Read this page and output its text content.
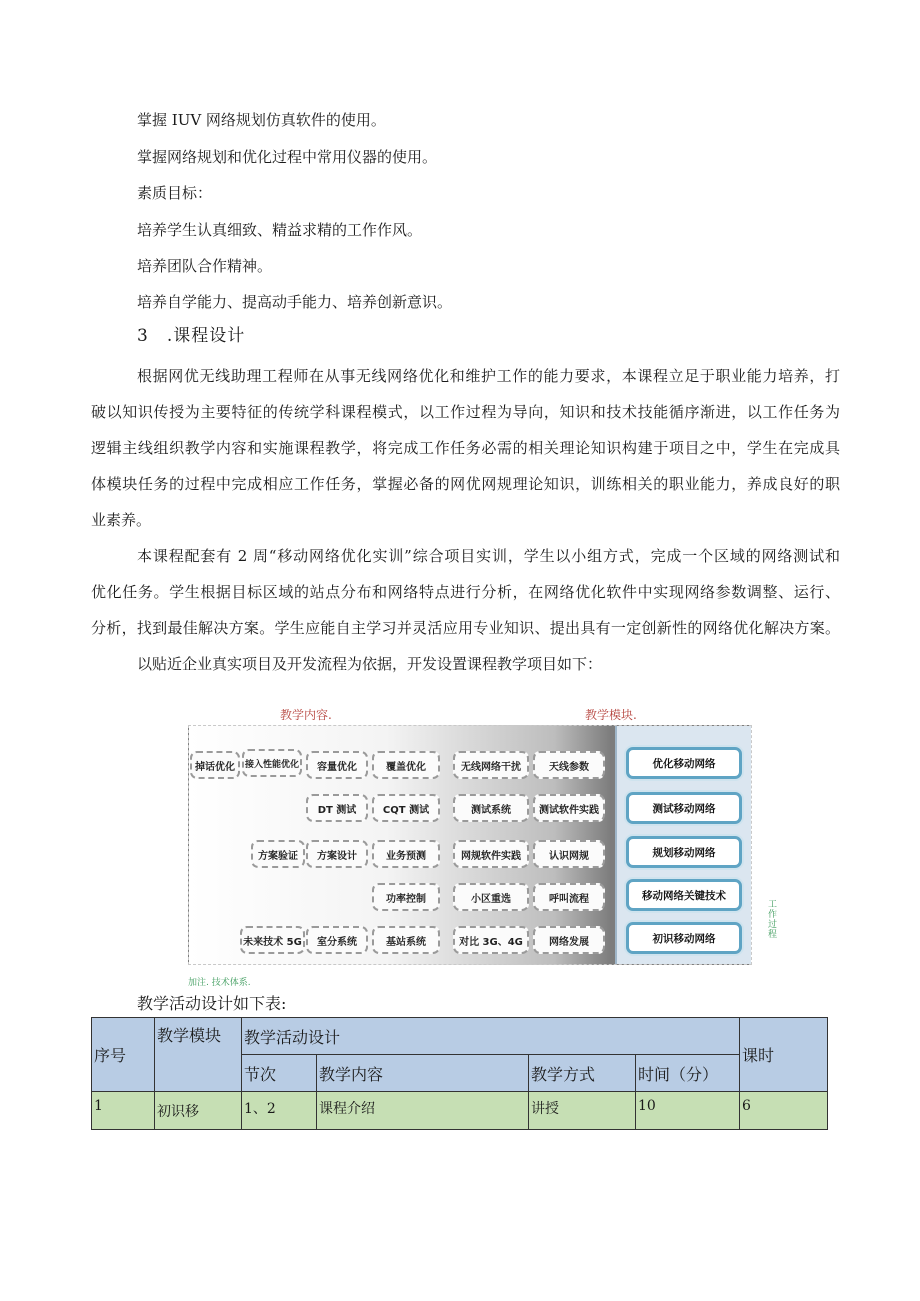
掌握 IUV 网络规划仿真软件的使用。
掌握网络规划和优化过程中常用仪器的使用。
素质目标：
培养学生认真细致、精益求精的工作作风。
培养团队合作精神。
培养自学能力、提高动手能力、培养创新意识。
3　.课程设计
根据网优无线助理工程师在从事无线网络优化和维护工作的能力要求，本课程立足于职业能力培养，打
破以知识传授为主要特征的传统学科课程模式，以工作过程为导向，知识和技术技能循序渐进，以工作任务为
逻辑主线组织教学内容和实施课程教学，将完成工作任务必需的相关理论知识构建于项目之中，学生在完成具
体模块任务的过程中完成相应工作任务，掌握必备的网优网规理论知识，训练相关的职业能力，养成良好的职
业素养。
本课程配套有 2 周“移动网络优化实训”综合项目实训，学生以小组方式，完成一个区域的网络测试和
优化任务。学生根据目标区域的站点分布和网络特点进行分析，在网络优化软件中实现网络参数调整、运行、
分析，找到最佳解决方案。学生应能自主学习并灵活应用专业知识、提出具有一定创新性的网络优化解决方案。
以贴近企业真实项目及开发流程为依据，开发设置课程教学项目如下：
教学内容.	教学模块.
优化移动网络
测试移动网络
规划移动网络
移动网络关键技术
初识移动网络
掉话优化	接入性能优化	容量优化	覆盖优化	无线网络干扰	天线参数
DT 测试	CQT 测试	测试系统	测试软件实践
方案验证	方案设计	业务预测	网规软件实践	认识网规
功率控制	小区重选	呼叫流程
未来技术 5G	室分系统	基站系统	对比 3G、4G	网络发展
工作过程
加注. 技术体系.
教学活动设计如下表:
序号	教学模块	教学活动设计				课时
		节次	教学内容	教学方式	时间（分）	
1	初识移	1、2	课程介绍	讲授	10	6
